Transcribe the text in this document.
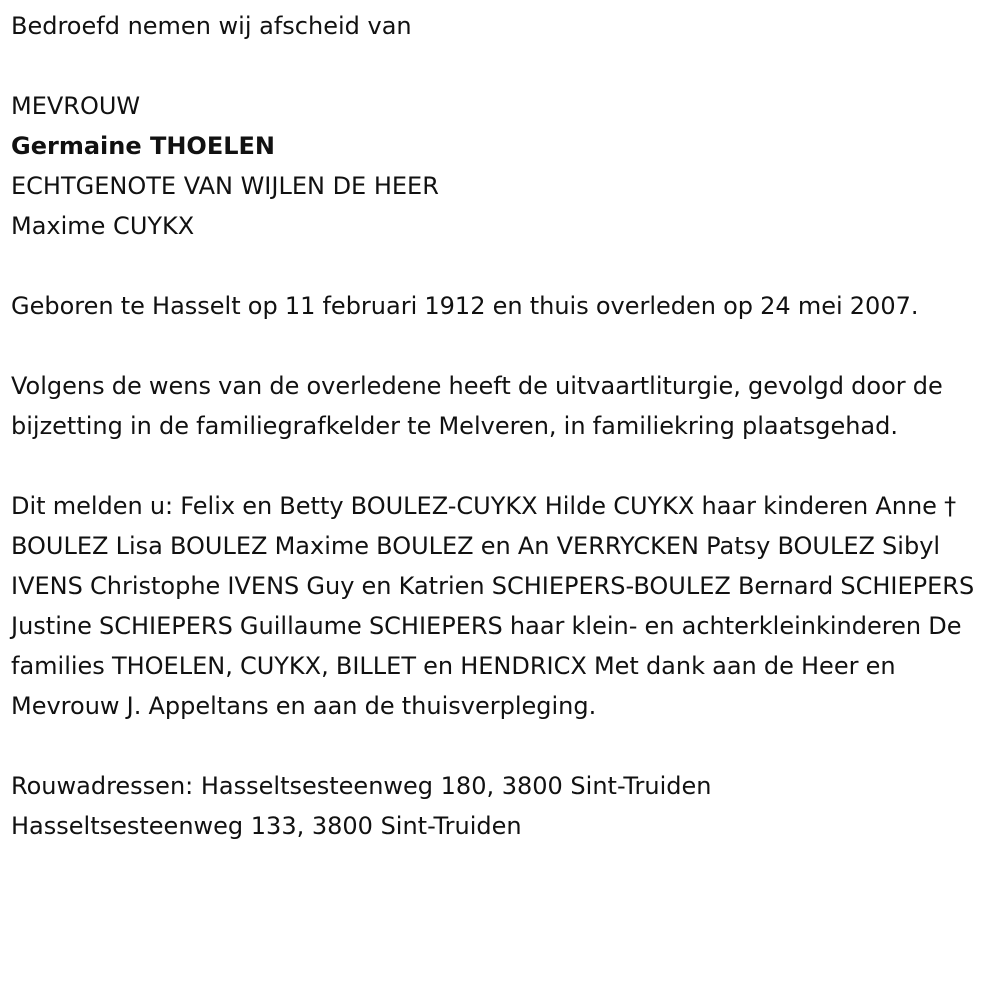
Bedroefd nemen wij afscheid van

MEVROUW

Germaine THOELEN

ECHTGENOTE VAN WIJLEN DE HEER

Maxime CUYKX

Geboren te Hasselt op 11 februari 1912 en thuis overleden op 24 mei 2007.

Volgens de wens van de overledene heeft de uitvaartliturgie, gevolgd door de bijzetting in de familiegrafkelder te Melveren, in familiekring plaatsgehad.

Dit melden u: Felix en Betty BOULEZ-CUYKX Hilde CUYKX haar kinderen Anne † BOULEZ Lisa BOULEZ Maxime BOULEZ en An VERRYCKEN Patsy BOULEZ Sibyl IVENS Christophe IVENS Guy en Katrien SCHIEPERS-BOULEZ Bernard SCHIEPERS Justine SCHIEPERS Guillaume SCHIEPERS haar klein- en achterkleinkinderen De families THOELEN, CUYKX, BILLET en HENDRICX Met dank aan de Heer en Mevrouw J. Appeltans en aan de thuisverpleging.

Rouwadressen: Hasseltsesteenweg 180, 3800 Sint-Truiden

Hasseltsesteenweg 133, 3800 Sint-Truiden
